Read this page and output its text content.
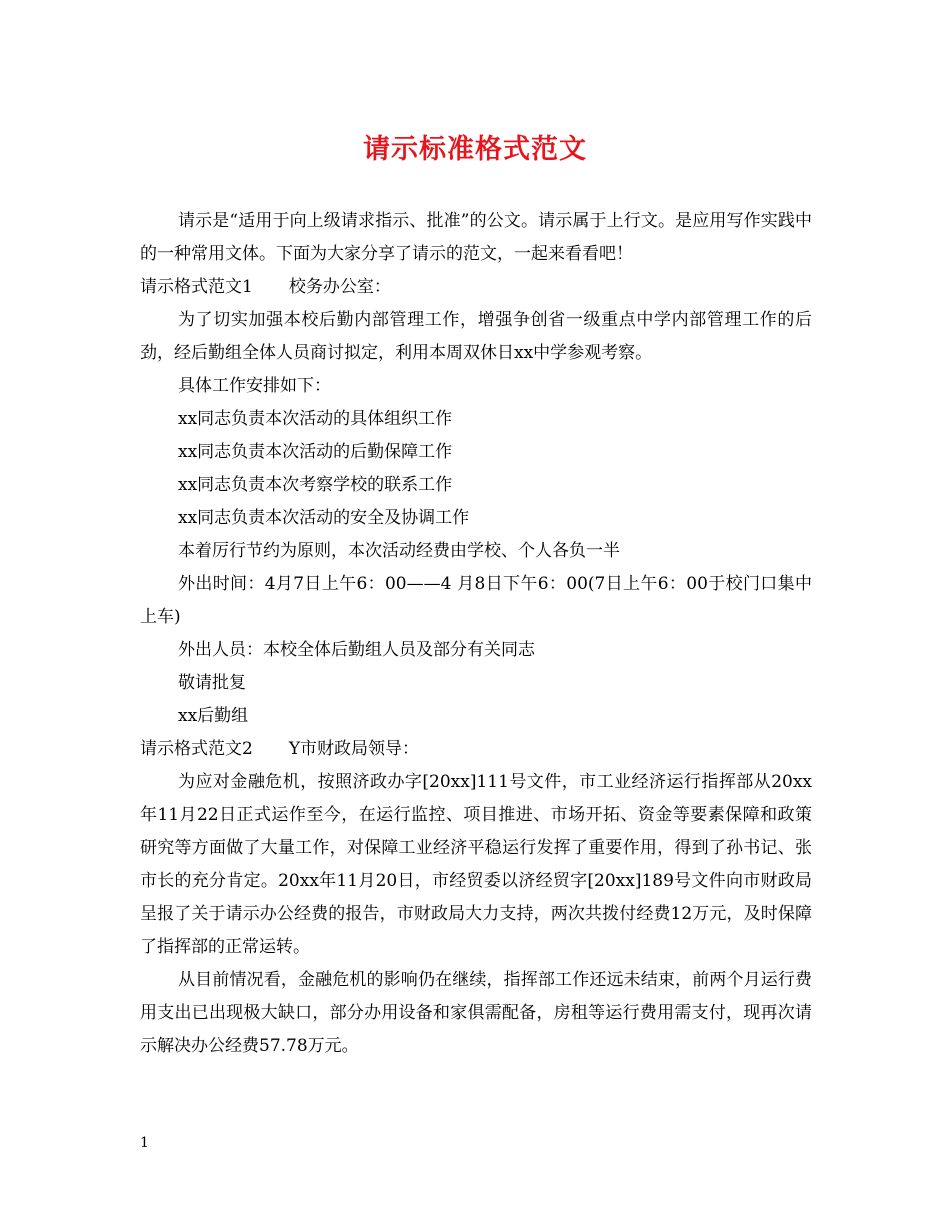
请示标准格式范文

请示是“适用于向上级请求指示、批准”的公文。请示属于上行文。是应用写作实践中的一种常用文体。下面为大家分享了请示的范文，一起来看看吧！

请示格式范文1 校务办公室：

为了切实加强本校后勤内部管理工作，增强争创省一级重点中学内部管理工作的后劲，经后勤组全体人员商讨拟定，利用本周双休日xx中学参观考察。

具体工作安排如下：

xx同志负责本次活动的具体组织工作

xx同志负责本次活动的后勤保障工作

xx同志负责本次考察学校的联系工作

xx同志负责本次活动的安全及协调工作

本着厉行节约为原则，本次活动经费由学校、个人各负一半

外出时间：4月7日上午6：00——4 月8日下午6：00(7日上午6：00于校门口集中上车)

外出人员：本校全体后勤组人员及部分有关同志

敬请批复

xx后勤组

请示格式范文2 Y市财政局领导：

为应对金融危机，按照济政办字[20xx]111号文件，市工业经济运行指挥部从20xx年11月22日正式运作至今，在运行监控、项目推进、市场开拓、资金等要素保障和政策研究等方面做了大量工作，对保障工业经济平稳运行发挥了重要作用，得到了孙书记、张市长的充分肯定。20xx年11月20日，市经贸委以济经贸字[20xx]189号文件向市财政局呈报了关于请示办公经费的报告，市财政局大力支持，两次共拨付经费12万元，及时保障了指挥部的正常运转。

从目前情况看，金融危机的影响仍在继续，指挥部工作还远未结束，前两个月运行费用支出已出现极大缺口，部分办用设备和家俱需配备，房租等运行费用需支付，现再次请示解决办公经费57.78万元。

1
